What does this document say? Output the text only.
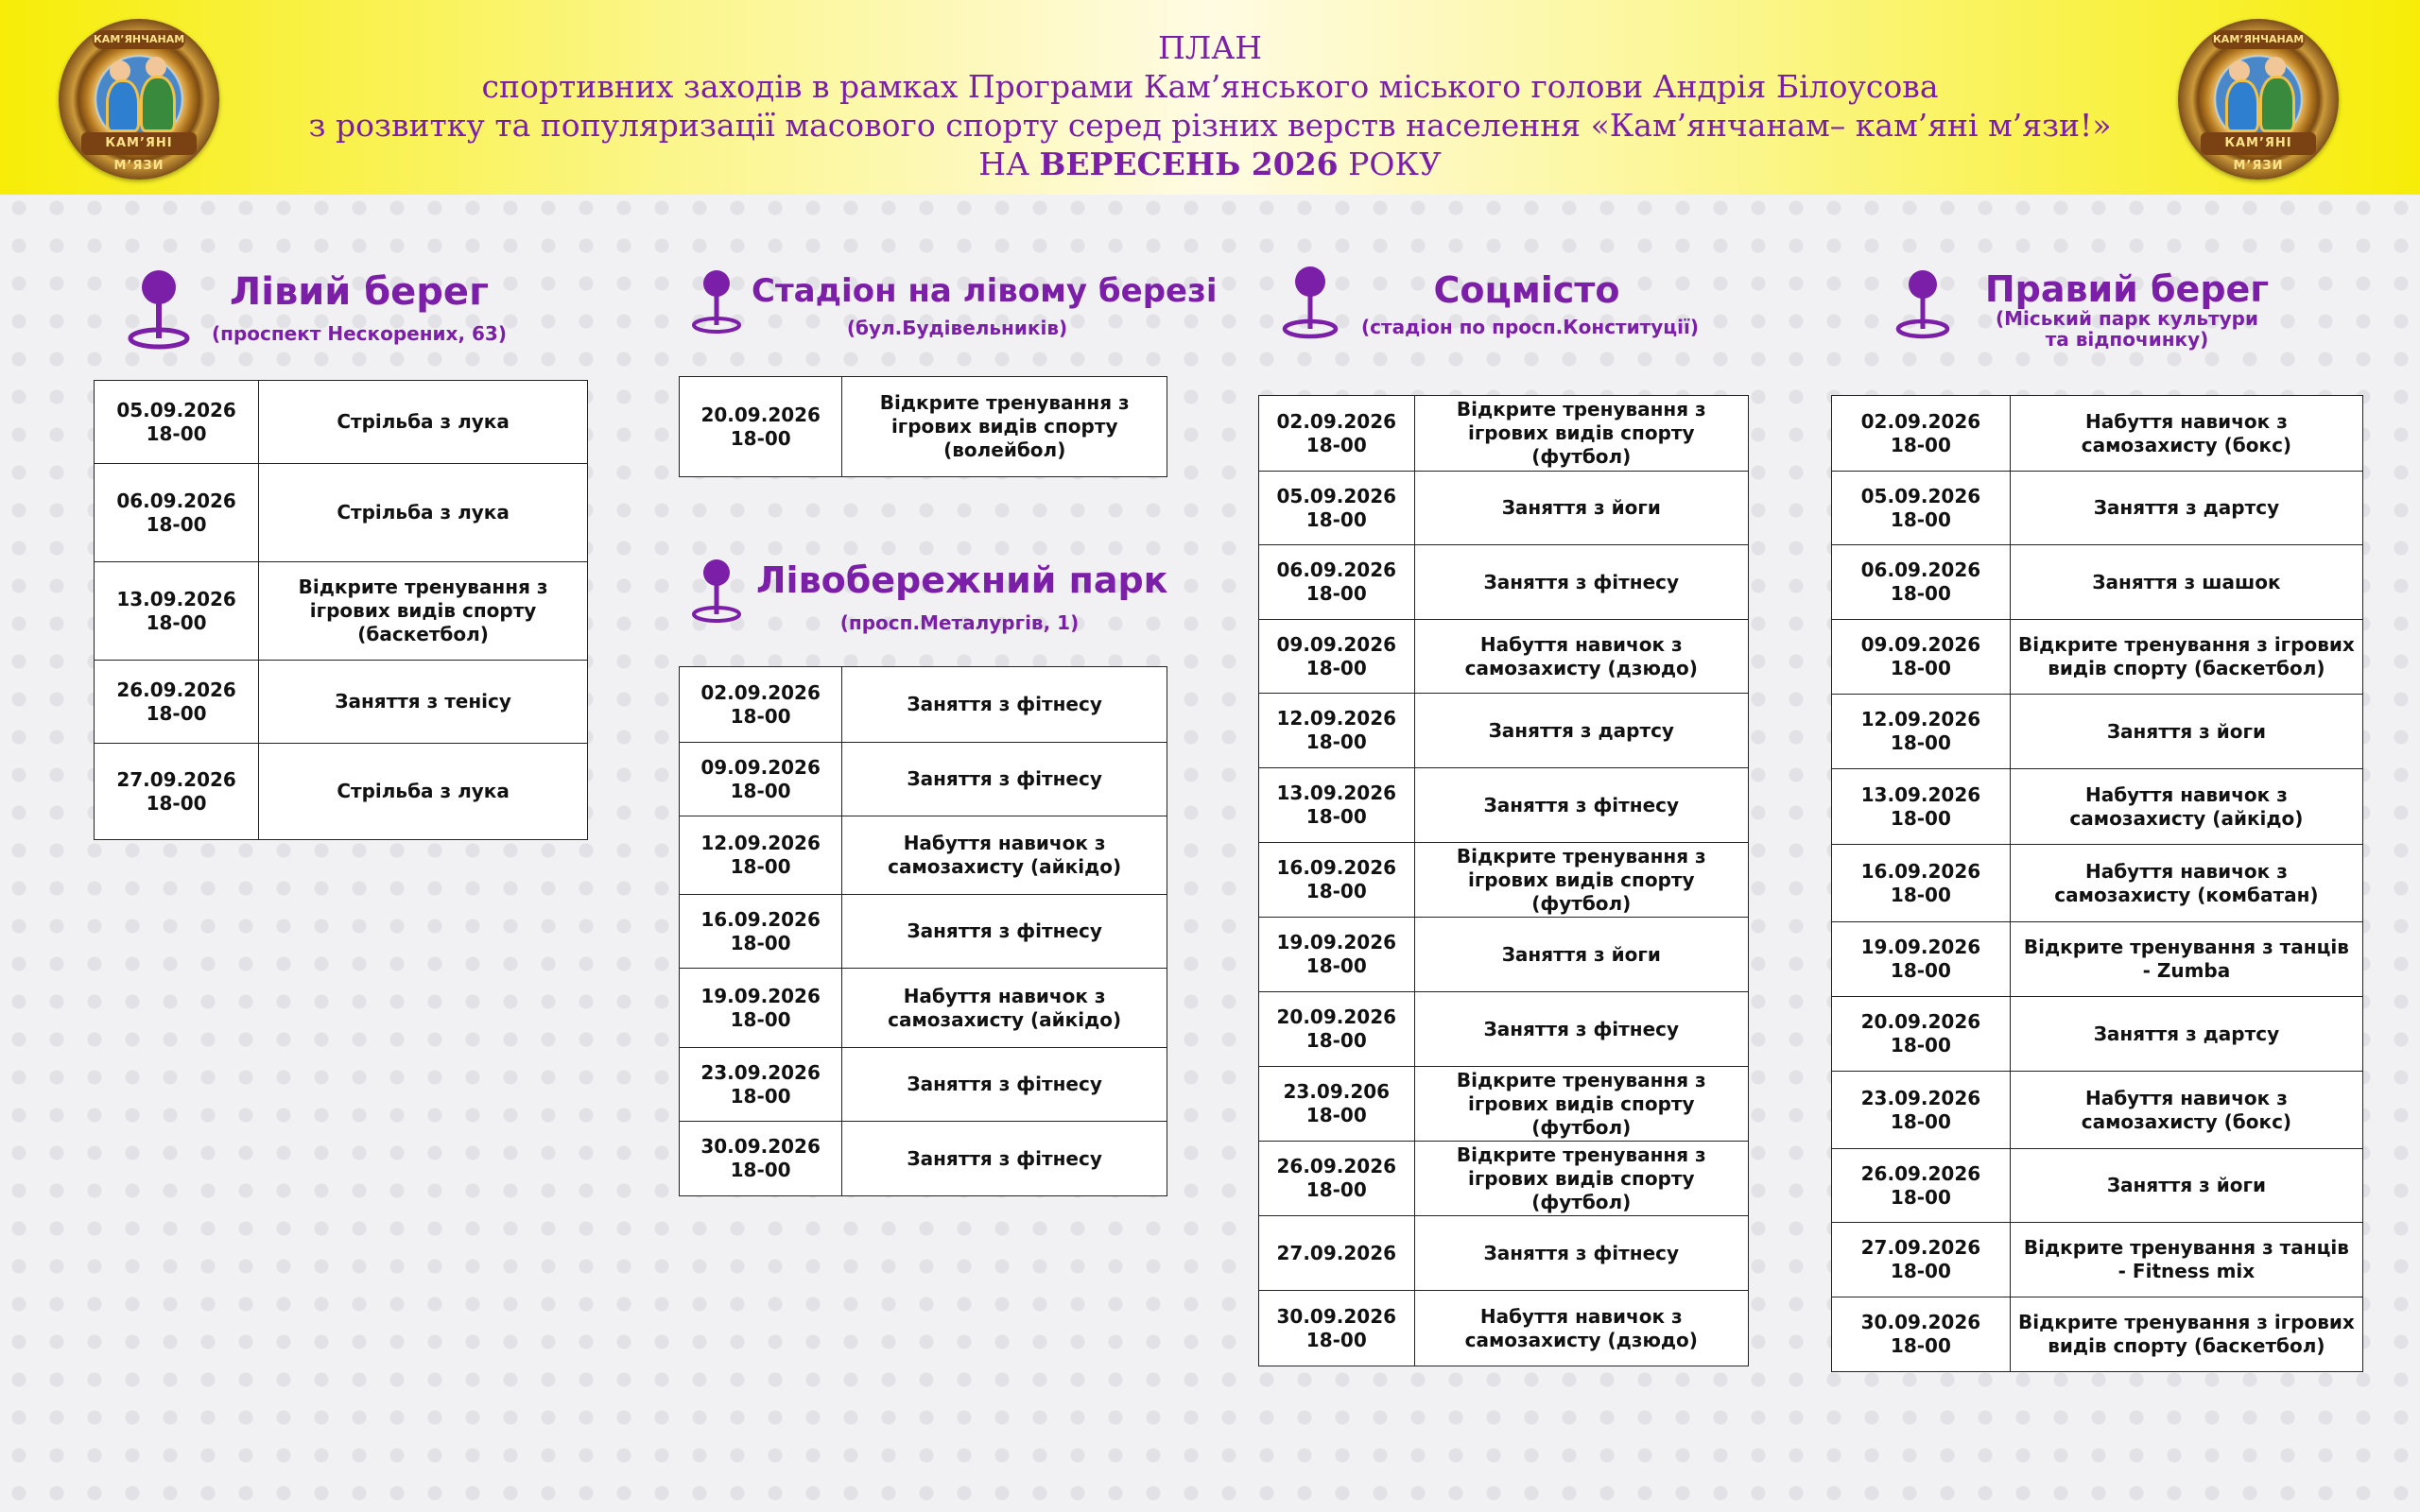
КАМ’ЯНЧАНАМ
КАМ’ЯНІ М’ЯЗИ
КАМ’ЯНЧАНАМ
КАМ’ЯНІ М’ЯЗИ
ПЛАН
спортивних заходів в рамках Програми Кам’янського міського голови Андрія Білоусова
з розвитку та популяризації масового спорту серед різних верств населення «Кам’янчанам– кам’яні м’язи!»
НА ВЕРЕСЕНЬ 2026 РОКУ
Лівий берег
(проспект Нескорених, 63)
05.09.2026
18-00	Стрільба з лука
06.09.2026
18-00	Стрільба з лука
13.09.2026
18-00	Відкрите тренування з ігрових видів спорту (баскетбол)
26.09.2026
18-00	Заняття з тенісу
27.09.2026
18-00	Стрільба з лука
Стадіон на лівому березі
(бул.Будівельників)
20.09.2026
18-00	Відкрите тренування з ігрових видів спорту (волейбол)
Лівобережний парк
(просп.Металургів, 1)
02.09.2026
18-00	Заняття з фітнесу
09.09.2026
18-00	Заняття з фітнесу
12.09.2026
18-00	Набуття навичок з самозахисту (айкідо)
16.09.2026
18-00	Заняття з фітнесу
19.09.2026
18-00	Набуття навичок з самозахисту (айкідо)
23.09.2026
18-00	Заняття з фітнесу
30.09.2026
18-00	Заняття з фітнесу
Соцмісто
(стадіон по просп.Конституції)
02.09.2026
18-00	Відкрите тренування з ігрових видів спорту (футбол)
05.09.2026
18-00	Заняття з йоги
06.09.2026
18-00	Заняття з фітнесу
09.09.2026
18-00	Набуття навичок з самозахисту (дзюдо)
12.09.2026
18-00	Заняття з дартсу
13.09.2026
18-00	Заняття з фітнесу
16.09.2026
18-00	Відкрите тренування з ігрових видів спорту (футбол)
19.09.2026
18-00	Заняття з йоги
20.09.2026
18-00	Заняття з фітнесу
23.09.206
18-00	Відкрите тренування з ігрових видів спорту (футбол)
26.09.2026
18-00	Відкрите тренування з ігрових видів спорту (футбол)
27.09.2026	Заняття з фітнесу
30.09.2026
18-00	Набуття навичок з самозахисту (дзюдо)
Правий берег
(Міський парк культури
та відпочинку)
02.09.2026
18-00	Набуття навичок з самозахисту (бокс)
05.09.2026
18-00	Заняття з дартсу
06.09.2026
18-00	Заняття з шашок
09.09.2026
18-00	Відкрите тренування з ігрових видів спорту (баскетбол)
12.09.2026
18-00	Заняття з йоги
13.09.2026
18-00	Набуття навичок з самозахисту (айкідо)
16.09.2026
18-00	Набуття навичок з самозахисту (комбатан)
19.09.2026
18-00	Відкрите тренування з танців - Zumba
20.09.2026
18-00	Заняття з дартсу
23.09.2026
18-00	Набуття навичок з самозахисту (бокс)
26.09.2026
18-00	Заняття з йоги
27.09.2026
18-00	Відкрите тренування з танців - Fitness mix
30.09.2026
18-00	Відкрите тренування з ігрових видів спорту (баскетбол)
